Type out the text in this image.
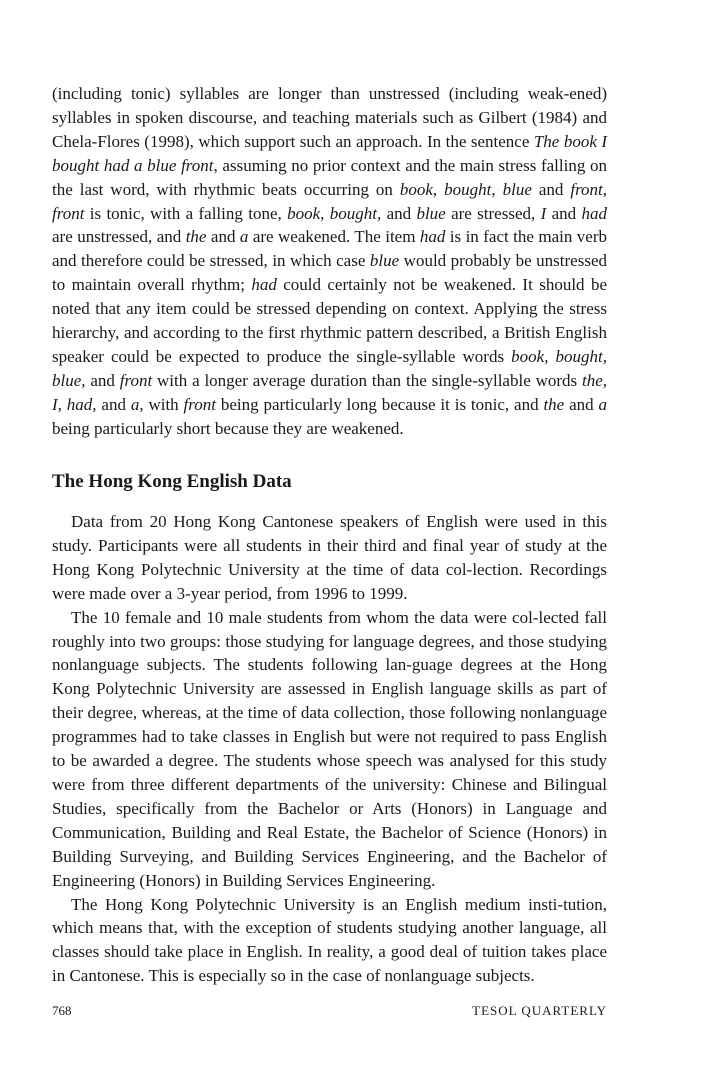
(including tonic) syllables are longer than unstressed (including weak-ened) syllables in spoken discourse, and teaching materials such as Gilbert (1984) and Chela-Flores (1998), which support such an approach. In the sentence The book I bought had a blue front, assuming no prior context and the main stress falling on the last word, with rhythmic beats occurring on book, bought, blue and front, front is tonic, with a falling tone, book, bought, and blue are stressed, I and had are unstressed, and the and a are weakened. The item had is in fact the main verb and therefore could be stressed, in which case blue would probably be unstressed to maintain overall rhythm; had could certainly not be weakened. It should be noted that any item could be stressed depending on context. Applying the stress hierarchy, and according to the first rhythmic pattern described, a British English speaker could be expected to produce the single-syllable words book, bought, blue, and front with a longer average duration than the single-syllable words the, I, had, and a, with front being particularly long because it is tonic, and the and a being particularly short because they are weakened.

The Hong Kong English Data

Data from 20 Hong Kong Cantonese speakers of English were used in this study. Participants were all students in their third and final year of study at the Hong Kong Polytechnic University at the time of data col-lection. Recordings were made over a 3-year period, from 1996 to 1999.

The 10 female and 10 male students from whom the data were col-lected fall roughly into two groups: those studying for language degrees, and those studying nonlanguage subjects. The students following lan-guage degrees at the Hong Kong Polytechnic University are assessed in English language skills as part of their degree, whereas, at the time of data collection, those following nonlanguage programmes had to take classes in English but were not required to pass English to be awarded a degree. The students whose speech was analysed for this study were from three different departments of the university: Chinese and Bilingual Studies, specifically from the Bachelor or Arts (Honors) in Language and Communication, Building and Real Estate, the Bachelor of Science (Honors) in Building Surveying, and Building Services Engineering, and the Bachelor of Engineering (Honors) in Building Services Engineering.

The Hong Kong Polytechnic University is an English medium insti-tution, which means that, with the exception of students studying another language, all classes should take place in English. In reality, a good deal of tuition takes place in Cantonese. This is especially so in the case of nonlanguage subjects.

768	TESOL QUARTERLY
